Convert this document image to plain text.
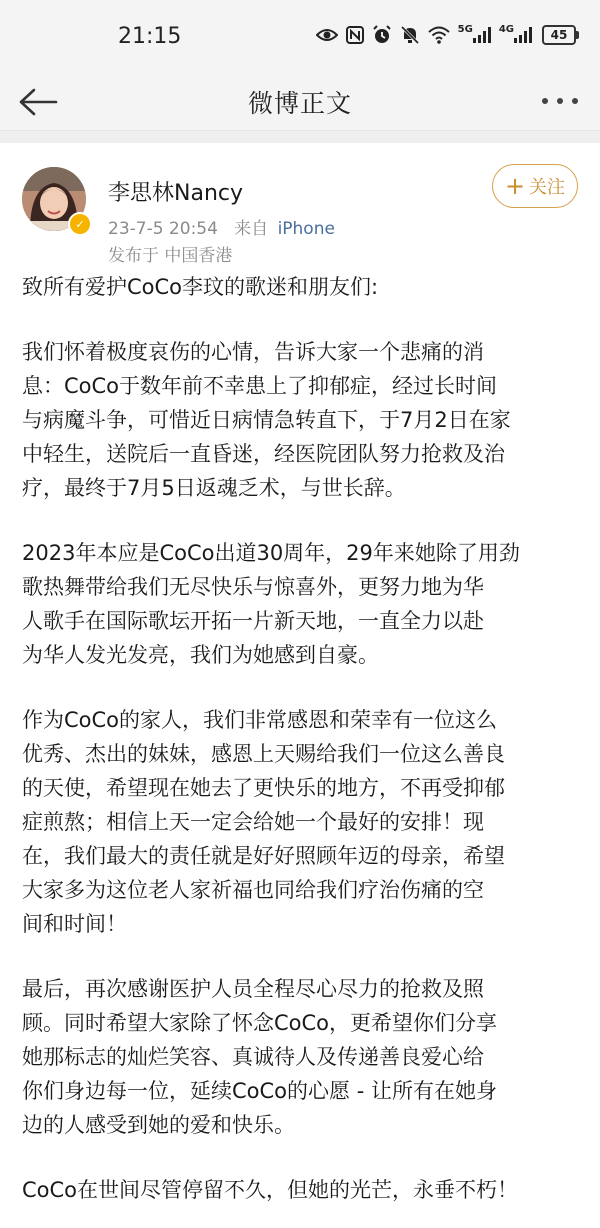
21:15	5G	4G	45
微博正文
✓
李思林Nancy
23-7-5 20:54 来自 iPhone
发布于 中国香港
+ 关注

致所有爱护CoCo李玟的歌迷和朋友们:

我们怀着极度哀伤的心情，告诉大家一个悲痛的消
息：CoCo于数年前不幸患上了抑郁症，经过长时间
与病魔斗争，可惜近日病情急转直下，于7月2日在家
中轻生，送院后一直昏迷，经医院团队努力抢救及治
疗，最终于7月5日返魂乏术，与世长辞。

2023年本应是CoCo出道30周年，29年来她除了用劲
歌热舞带给我们无尽快乐与惊喜外，更努力地为华
人歌手在国际歌坛开拓一片新天地，一直全力以赴
为华人发光发亮，我们为她感到自豪。

作为CoCo的家人，我们非常感恩和荣幸有一位这么
优秀、杰出的妹妹，感恩上天赐给我们一位这么善良
的天使，希望现在她去了更快乐的地方，不再受抑郁
症煎熬；相信上天一定会给她一个最好的安排！现
在，我们最大的责任就是好好照顾年迈的母亲，希望
大家多为这位老人家祈福也同给我们疗治伤痛的空
间和时间！

最后，再次感谢医护人员全程尽心尽力的抢救及照
顾。同时希望大家除了怀念CoCo，更希望你们分享
她那标志的灿烂笑容、真诚待人及传递善良爱心给
你们身边每一位，延续CoCo的心愿 - 让所有在她身
边的人感受到她的爱和快乐。

CoCo在世间尽管停留不久，但她的光芒，永垂不朽！
